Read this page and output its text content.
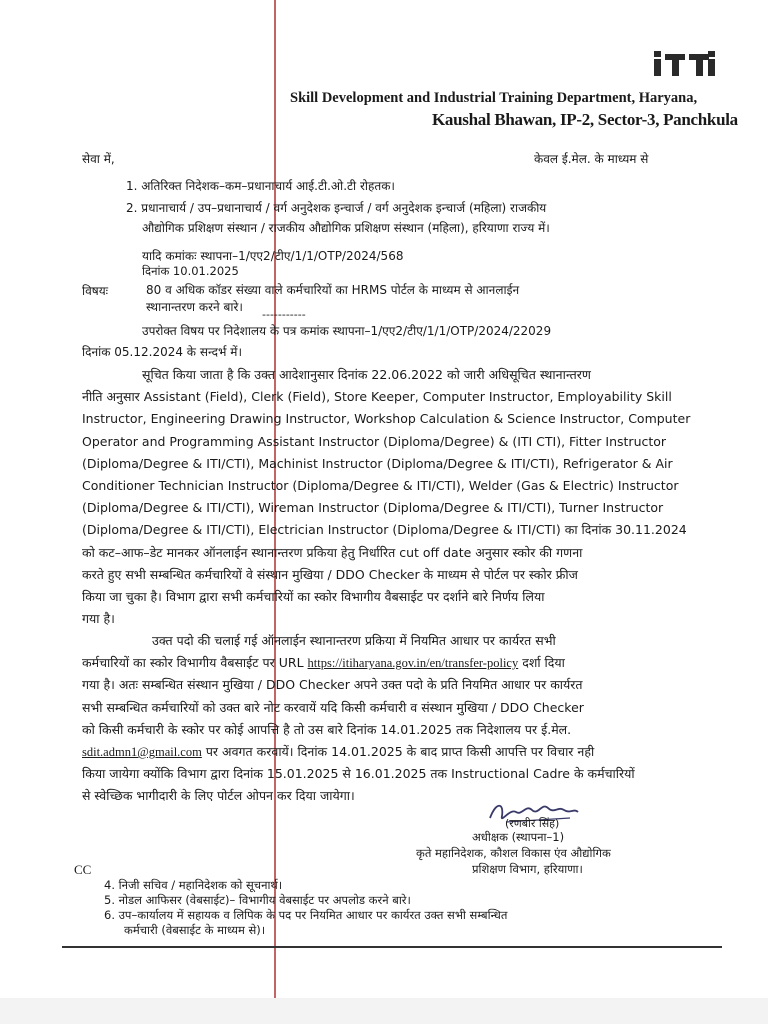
Skill Development and Industrial Training Department, Haryana,
Kaushal Bhawan, IP-2, Sector-3, Panchkula
सेवा में,	केवल ई.मेल. के माध्यम से
1. अतिरिक्त निदेशक–कम–प्रधानाचार्य आई.टी.ओ.टी रोहतक।
2. प्रधानाचार्य / उप–प्रधानाचार्य / वर्ग अनुदेशक इन्चार्ज / वर्ग अनुदेशक इन्चार्ज (महिला) राजकीय
औद्योगिक प्रशिक्षण संस्थान / राजकीय औद्योगिक प्रशिक्षण संस्थान (महिला), हरियाणा राज्य में।
यादि कमांकः स्थापना–1/एए2/टीए/1/1/OTP/2024/568
दिनांक 10.01.2025
विषयः	80 व अधिक कॉडर संख्या वाले कर्मचारियों का HRMS पोर्टल के माध्यम से आनलाईन
स्थानान्तरण करने बारे।
-----------
उपरोक्त विषय पर निदेशालय के पत्र कमांक स्थापना–1/एए2/टीए/1/1/OTP/2024/22029
दिनांक 05.12.2024 के सन्दर्भ में।
सूचित किया जाता है कि उक्त आदेशानुसार दिनांक 22.06.2022 को जारी अधिसूचित स्थानान्तरण
नीति अनुसार Assistant (Field), Clerk (Field), Store Keeper, Computer Instructor, Employability Skill
Instructor, Engineering Drawing Instructor, Workshop Calculation & Science Instructor, Computer
Operator and Programming Assistant Instructor (Diploma/Degree) & (ITI CTI), Fitter Instructor
(Diploma/Degree & ITI/CTI), Machinist Instructor (Diploma/Degree & ITI/CTI), Refrigerator & Air
Conditioner Technician Instructor (Diploma/Degree & ITI/CTI), Welder (Gas & Electric) Instructor
(Diploma/Degree & ITI/CTI), Wireman Instructor (Diploma/Degree & ITI/CTI), Turner Instructor
(Diploma/Degree & ITI/CTI), Electrician Instructor (Diploma/Degree & ITI/CTI) का दिनांक 30.11.2024
को कट–आफ–डेट मानकर ऑनलाईन स्थानान्तरण प्रकिया हेतु निर्धारित cut off date अनुसार स्कोर की गणना
करते हुए सभी सम्बन्धित कर्मचारियों वे संस्थान मुखिया / DDO Checker के माध्यम से पोर्टल पर स्कोर फ्रीज
किया जा चुका है। विभाग द्वारा सभी कर्मचारियों का स्कोर विभागीय वैबसाईट पर दर्शाने बारे निर्णय लिया
गया है।
उक्त पदो की चलाई गई ऑनलाईन स्थानान्तरण प्रकिया में नियमित आधार पर कार्यरत सभी
कर्मचारियों का स्कोर विभागीय वैबसाईट पर URL https://itiharyana.gov.in/en/transfer-policy दर्शा दिया
गया है। अतः सम्बन्धित संस्थान मुखिया / DDO Checker अपने उक्त पदो के प्रति नियमित आधार पर कार्यरत
सभी सम्बन्धित कर्मचारियों को उक्त बारे नोट करवायें यदि किसी कर्मचारी व संस्थान मुखिया / DDO Checker
को किसी कर्मचारी के स्कोर पर कोई आपत्ति है तो उस बारे दिनांक 14.01.2025 तक निदेशालय पर ई.मेल.
sdit.admn1@gmail.com पर अवगत करवायें। दिनांक 14.01.2025 के बाद प्राप्त किसी आपत्ति पर विचार नही
किया जायेगा क्योंकि विभाग द्वारा दिनांक 15.01.2025 से 16.01.2025 तक Instructional Cadre के कर्मचारियों
से स्वेच्छिक भागीदारी के लिए पोर्टल ओपन कर दिया जायेगा।
(रणबीर सिंह)
अधीक्षक (स्थापना–1)
कृते महानिदेशक, कौशल विकास एंव औद्योगिक
प्रशिक्षण विभाग, हरियाणा।
CC
4. निजी सचिव / महानिदेशक को सूचनार्थ।
5. नोडल आफिसर (वेबसाईट)– विभागीय वेबसाईट पर अपलोड करने बारे।
6. उप–कार्यालय में सहायक व लिपिक के पद पर नियमित आधार पर कार्यरत उक्त सभी सम्बन्धित
कर्मचारी (वेबसाईट के माध्यम से)।
